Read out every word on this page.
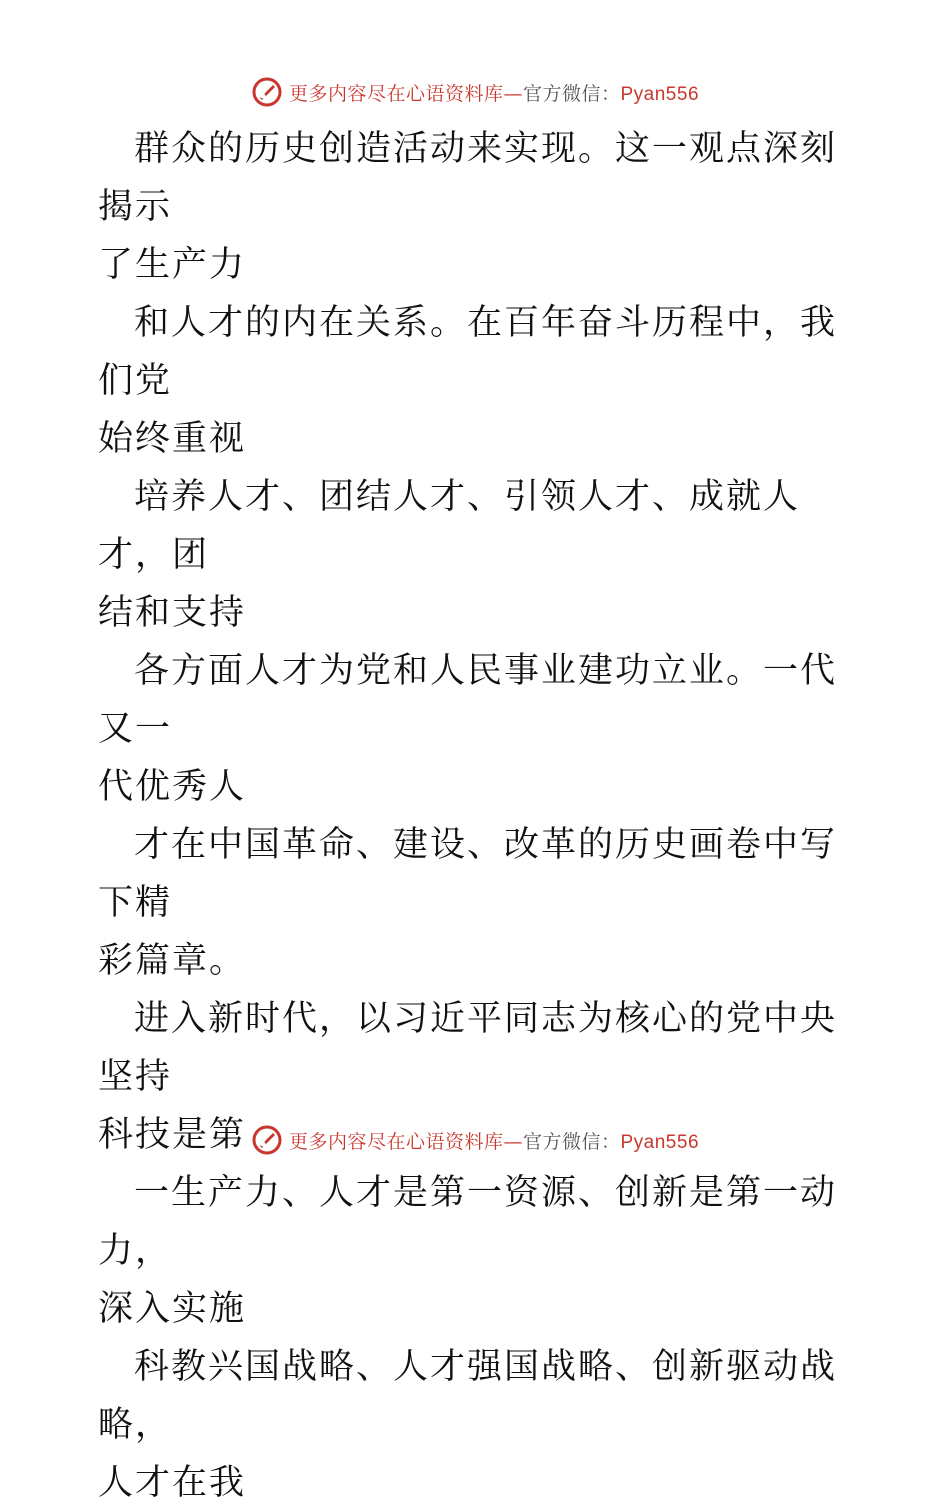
更多内容尽在心语资料库—官方微信：Pyan556

群众的历史创造活动来实现。这一观点深刻揭示
了生产力

和人才的内在关系。在百年奋斗历程中，我们党
始终重视

培养人才、团结人才、引领人才、成就人才，团
结和支持

各方面人才为党和人民事业建功立业。一代又一
代优秀人

才在中国革命、建设、改革的历史画卷中写下精
彩篇章。

进入新时代，以习近平同志为核心的党中央坚持
科技是第

一生产力、人才是第一资源、创新是第一动力，
深入实施

科教兴国战略、人才强国战略、创新驱动战略，
人才在我

更多内容尽在心语资料库—官方微信：Pyan556
